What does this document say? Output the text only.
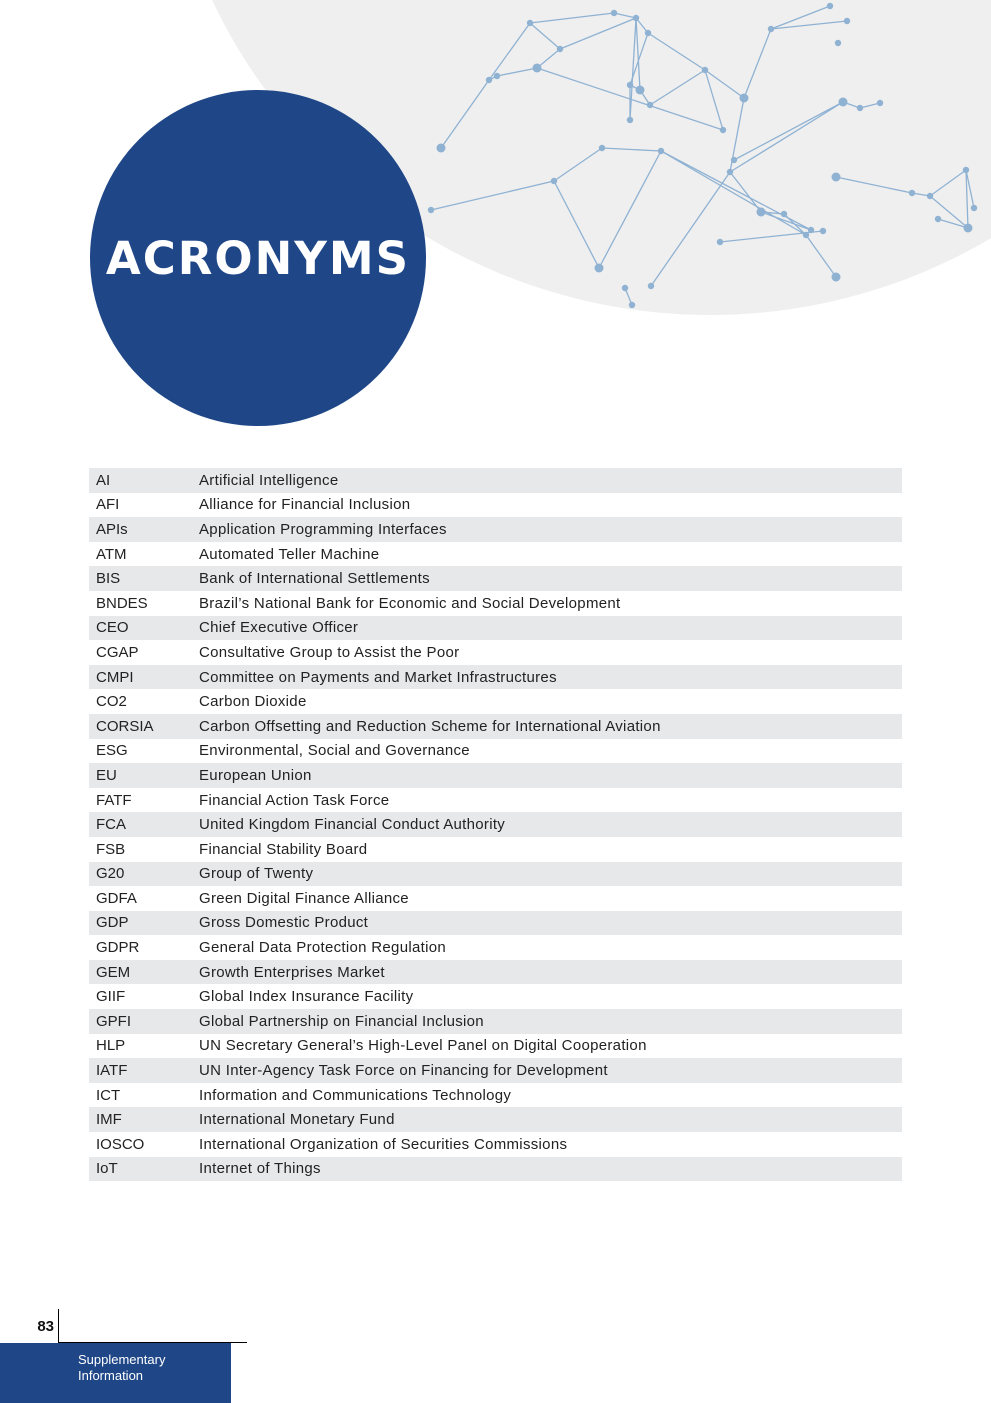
ACRONYMS
AI	Artificial Intelligence
AFI	Alliance for Financial Inclusion
APIs	Application Programming Interfaces
ATM	Automated Teller Machine
BIS	Bank of International Settlements
BNDES	Brazil’s National Bank for Economic and Social Development
CEO	Chief Executive Officer
CGAP	Consultative Group to Assist the Poor
CMPI	Committee on Payments and Market Infrastructures
CO2	Carbon Dioxide
CORSIA	Carbon Offsetting and Reduction Scheme for International Aviation
ESG	Environmental, Social and Governance
EU	European Union
FATF	Financial Action Task Force
FCA	United Kingdom Financial Conduct Authority
FSB	Financial Stability Board
G20	Group of Twenty
GDFA	Green Digital Finance Alliance
GDP	Gross Domestic Product
GDPR	General Data Protection Regulation
GEM	Growth Enterprises Market
GIIF	Global Index Insurance Facility
GPFI	Global Partnership on Financial Inclusion
HLP	UN Secretary General’s High-Level Panel on Digital Cooperation
IATF	UN Inter-Agency Task Force on Financing for Development
ICT	Information and Communications Technology
IMF	International Monetary Fund
IOSCO	International Organization of Securities Commissions
IoT	Internet of Things
83
Supplementary
Information
